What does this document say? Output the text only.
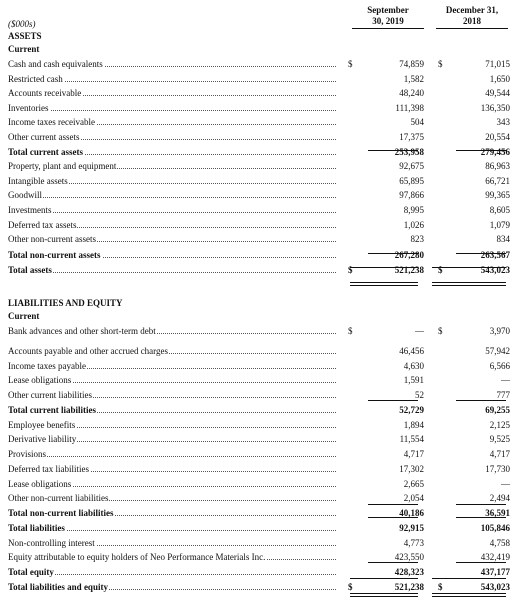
September
30, 2019
December 31,
2018
($000s)
ASSETS
Current
Cash and cash equivalents	$	74,859 $	71,015
Restricted cash	1,582	1,650
Accounts receivable	48,240	49,544
Inventories	111,398	136,350
Income taxes receivable	504	343
Other current assets	17,375	20,554
Total current assets	253,958	279,456
Property, plant and equipment	92,675	86,963
Intangible assets	65,895	66,721
Goodwill	97,866	99,365
Investments	8,995	8,605
Deferred tax assets	1,026	1,079
Other non-current assets	823	834
Total non-current assets	267,280	263,567
Total assets	$	521,238 $	543,023
LIABILITIES AND EQUITY
Current
Bank advances and other short-term debt	$	— $	3,970
Accounts payable and other accrued charges	46,456	57,942
Income taxes payable	4,630	6,566
Lease obligations	1,591	—
Other current liabilities	52	777
Total current liabilities	52,729	69,255
Employee benefits	1,894	2,125
Derivative liability	11,554	9,525
Provisions	4,717	4,717
Deferred tax liabilities	17,302	17,730
Lease obligations	2,665	—
Other non-current liabilities	2,054	2,494
Total non-current liabilities	40,186	36,591
Total liabilities	92,915	105,846
Non-controlling interest	4,773	4,758
Equity attributable to equity holders of Neo Performance Materials Inc.	423,550	432,419
Total equity	428,323	437,177
Total liabilities and equity	$	521,238 $	543,023
